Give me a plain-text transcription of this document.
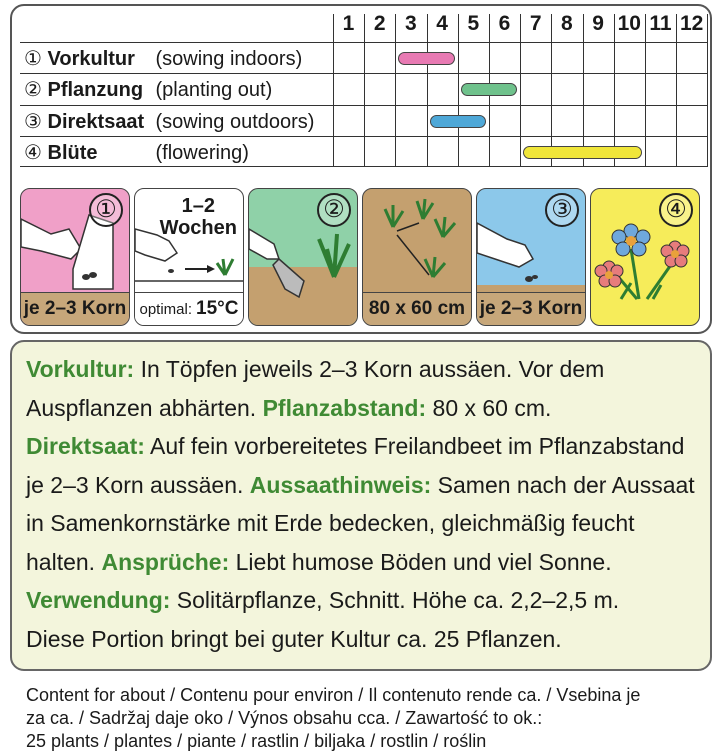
1 2 3 4 5 6 7 8 9 10 11 12
① Vorkultur (sowing indoors)
② Pflanzung (planting out)
③ Direktsaat (sowing outdoors)
④ Blüte	(flowering)
①
je 2–3 Korn
1–2
Wochen
optimal: 15°C
②
80 x 60 cm
③
je 2–3 Korn
④

Vorkultur: In Töpfen jeweils 2–3 Korn aussäen. Vor dem Auspflanzen abhärten. Pflanzabstand: 80 x 60 cm.
Direktsaat: Auf fein vorbereitetes Freilandbeet im Pflanzabstand je 2–3 Korn aussäen. Aussaathinweis: Samen nach der Aussaat in Samenkornstärke mit Erde bedecken, gleichmäßig feucht halten. Ansprüche: Liebt humose Böden und viel Sonne.
Verwendung: Solitärpflanze, Schnitt. Höhe ca. 2,2–2,5 m.
Diese Portion bringt bei guter Kultur ca. 25 Pflanzen.

Content for about / Contenu pour environ / Il contenuto rende ca. / Vsebina je
za ca. / Sadržaj daje oko / Výnos obsahu cca. / Zawartość to ok.:
25 plants / plantes / piante / rastlin / biljaka / rostlin / roślin
